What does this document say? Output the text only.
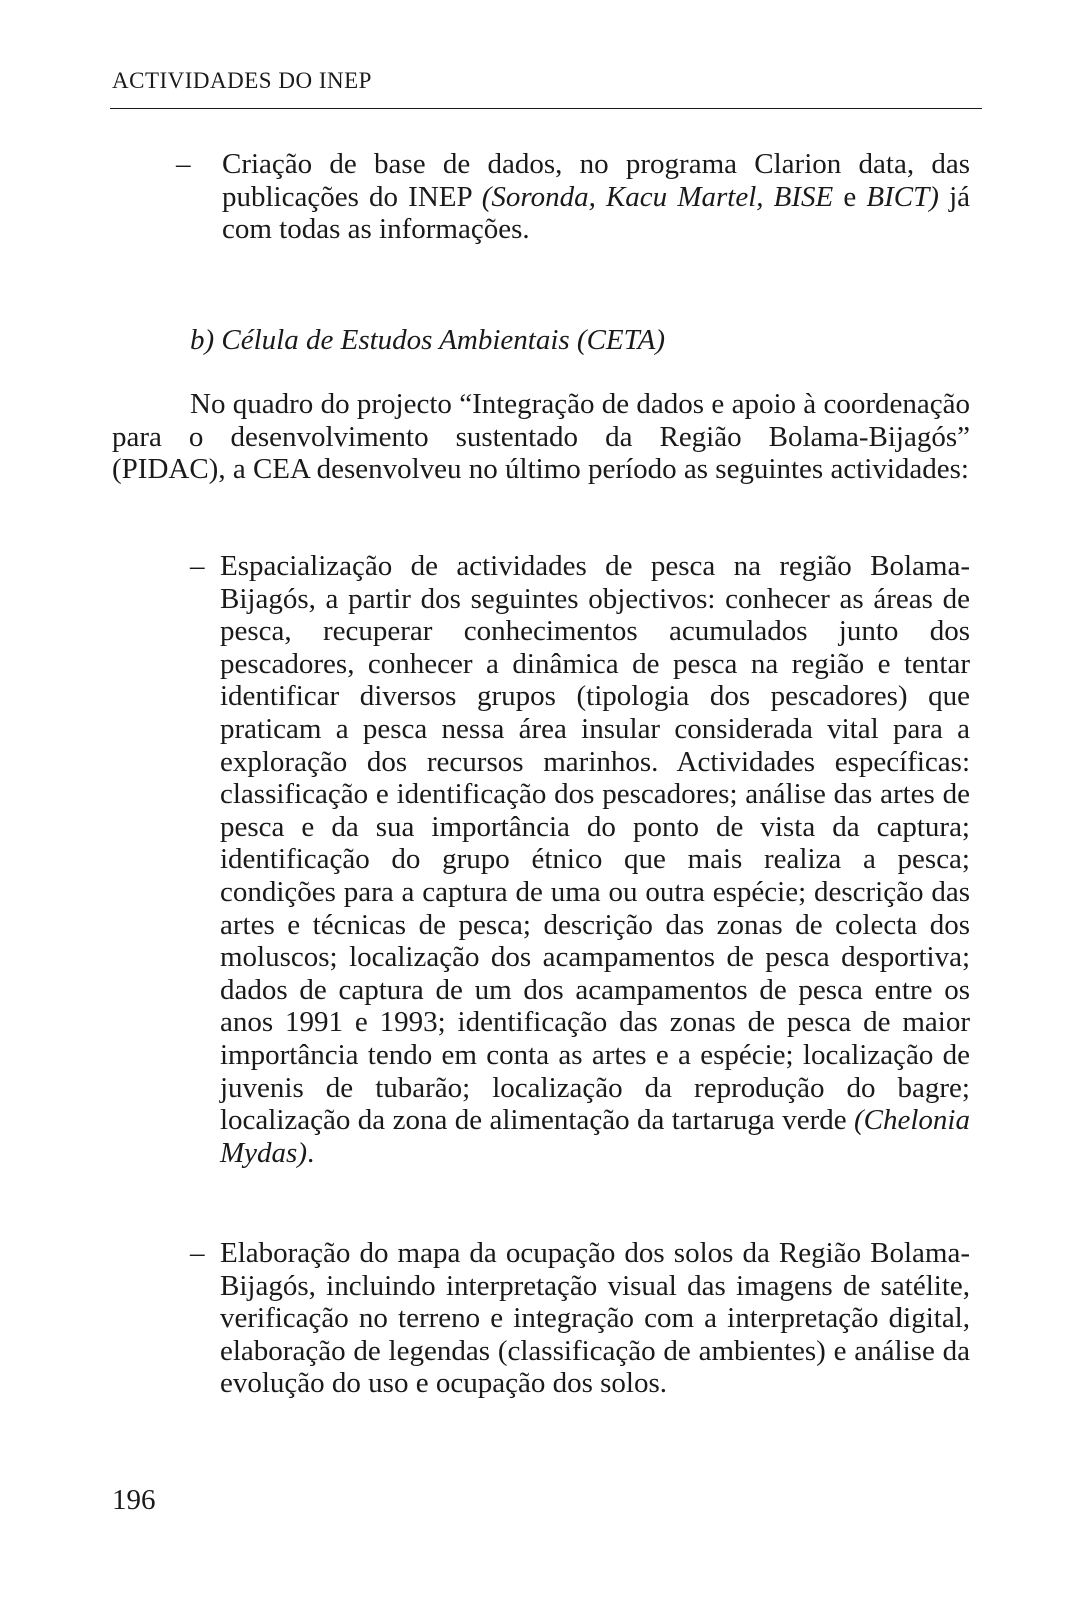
ACTIVIDADES DO INEP
– Criação de base de dados, no programa Clarion data, das publicações do INEP (Soronda, Kacu Martel, BISE e BICT) já com todas as informações.

b) Célula de Estudos Ambientais (CETA)

No quadro do projecto “Integração de dados e apoio à coordenação para o desenvolvimento sustentado da Região Bolama-Bijagós” (PIDAC), a CEA desenvolveu no último período as seguintes actividades:

– Espacialização de actividades de pesca na região Bolama-Bijagós, a partir dos seguintes objectivos: conhecer as áreas de pesca, recuperar conhecimentos acumulados junto dos pescadores, conhecer a dinâmica de pesca na região e tentar identificar diversos grupos (tipologia dos pescadores) que praticam a pesca nessa área insular considerada vital para a exploração dos recursos marinhos. Actividades específicas: classificação e identificação dos pescadores; análise das artes de pesca e da sua importância do ponto de vista da captura; identificação do grupo étnico que mais realiza a pesca; condições para a captura de uma ou outra espécie; descrição das artes e técnicas de pesca; descrição das zonas de colecta dos moluscos; localização dos acampamentos de pesca desportiva; dados de captura de um dos acampamentos de pesca entre os anos 1991 e 1993; identificação das zonas de pesca de maior importância tendo em conta as artes e a espécie; localização de juvenis de tubarão; localização da reprodução do bagre; localização da zona de alimentação da tartaruga verde (Chelonia Mydas).

– Elaboração do mapa da ocupação dos solos da Região Bolama-Bijagós, incluindo interpretação visual das imagens de satélite, verificação no terreno e integração com a interpretação digital, elaboração de legendas (classificação de ambientes) e análise da evolução do uso e ocupação dos solos.

196
